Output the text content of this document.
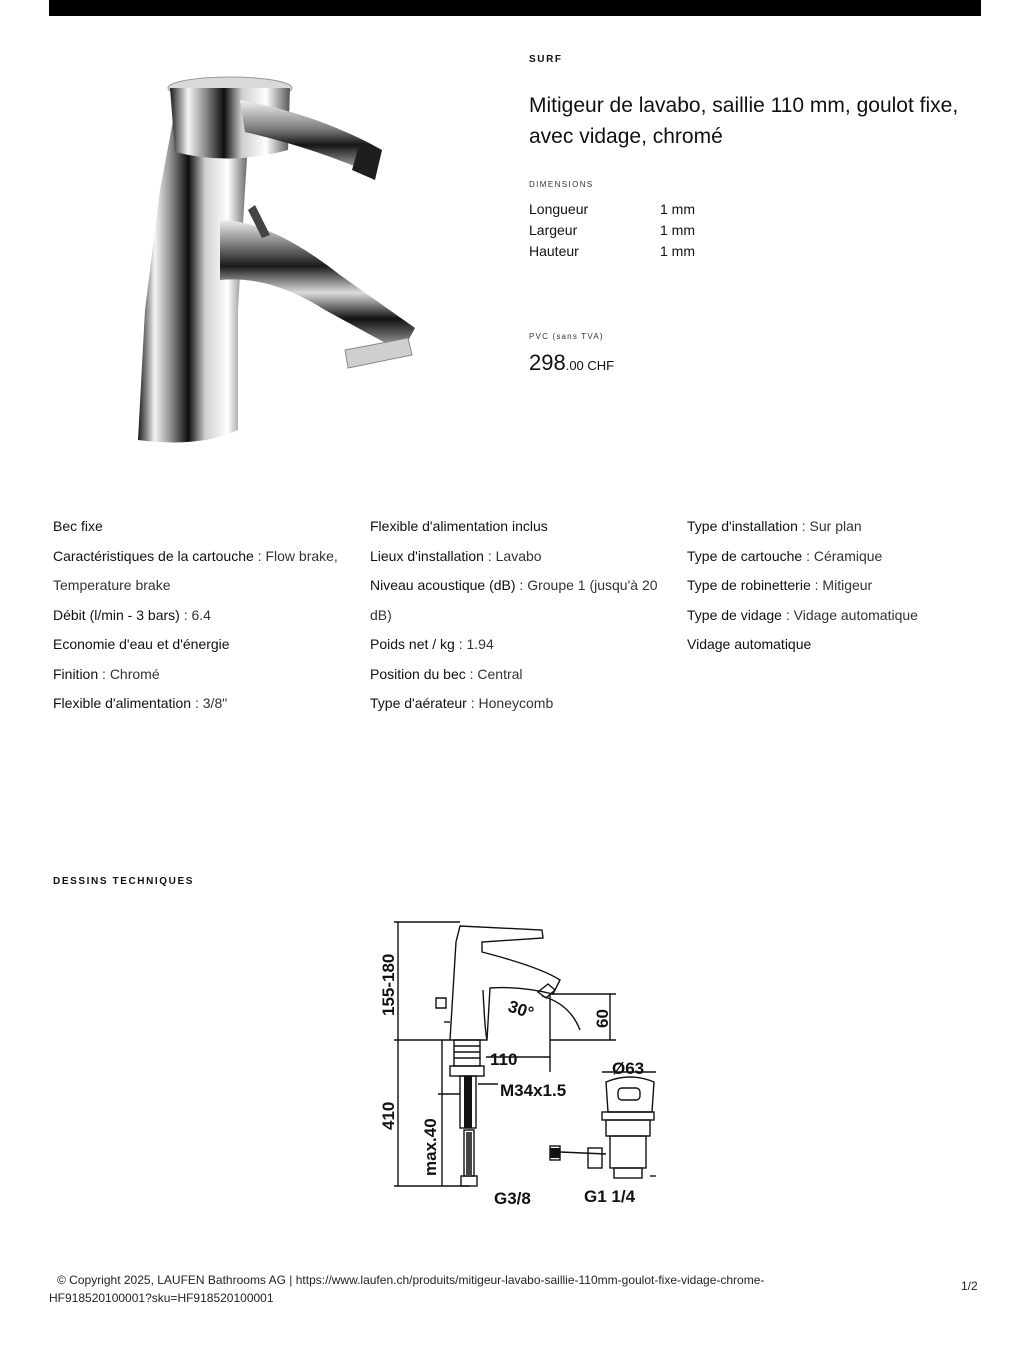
SURF
Mitigeur de lavabo, saillie 110 mm, goulot fixe, avec vidage, chromé
DIMENSIONS
Longueur	1 mm
Largeur	1 mm
Hauteur	1 mm
PVC (sans TVA)
298.00 CHF
Bec fixe
Caractéristiques de la cartouche : Flow brake, Temperature brake
Débit (l/min - 3 bars) : 6.4
Economie d'eau et d'énergie
Finition : Chromé
Flexible d'alimentation : 3/8"
Flexible d'alimentation inclus
Lieux d'installation : Lavabo
Niveau acoustique (dB) : Groupe 1 (jusqu'à 20 dB)
Poids net / kg : 1.94
Position du bec : Central
Type d'aérateur : Honeycomb
Type d'installation : Sur plan
Type de cartouche : Céramique
Type de robinetterie : Mitigeur
Type de vidage : Vidage automatique
Vidage automatique
DESSINS TECHNIQUES
155-180	30°	60
110
M34x1.5
Ø63
410
max.40
G3/8	G1 1/4
© Copyright 2025, LAUFEN Bathrooms AG | https://www.laufen.ch/produits/mitigeur-lavabo-saillie-110mm-goulot-fixe-vidage-chrome-HF918520100001?sku=HF918520100001
1/2
